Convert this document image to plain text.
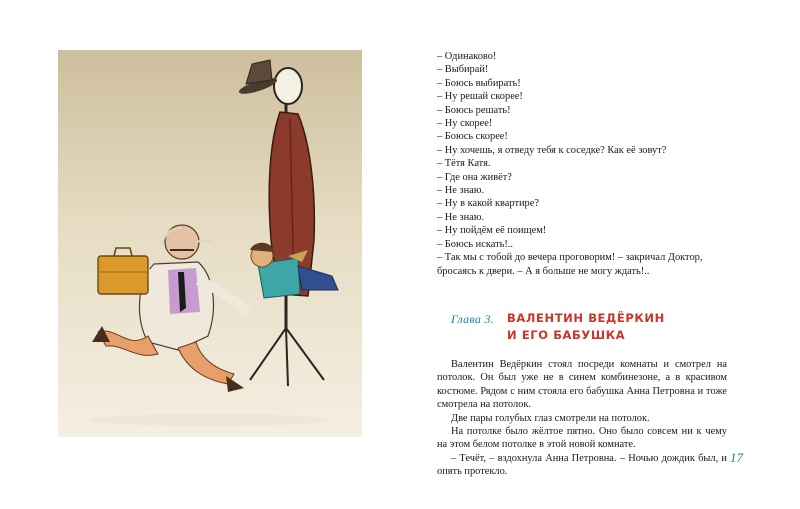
– Одинаково!

– Выбирай!

– Боюсь выбирать!

– Ну решай скорее!

– Боюсь решать!

– Ну скорее!

– Боюсь скорее!

– Ну хочешь, я отведу тебя к соседке? Как её зовут?

– Тётя Катя.

– Где она живёт?

– Не знаю.

– Ну в какой квартире?

– Не знаю.

– Ну пойдём её поищем!

– Боюсь искать!..

– Так мы с тобой до вечера проговорим! – закричал Доктор,

бросаясь к двери. – А я больше не могу ждать!..

Глава 3. ВАЛЕНТИН ВЕДЁРКИН
И ЕГО БАБУШКА

Валентин Ведёркин стоял посреди комнаты и смотрел на потолок. Он был уже не в синем комбинезоне, а в красивом костюме. Рядом с ним стояла его бабушка Анна Петровна и тоже смотрела на потолок.

Две пары голубых глаз смотрели на потолок.

На потолке было жёлтое пятно. Оно было совсем ни к чему на этом белом потолке в этой новой комнате.

– Течёт, – вздохнула Анна Петровна. – Ночью дождик был, и опять протекло.

17
